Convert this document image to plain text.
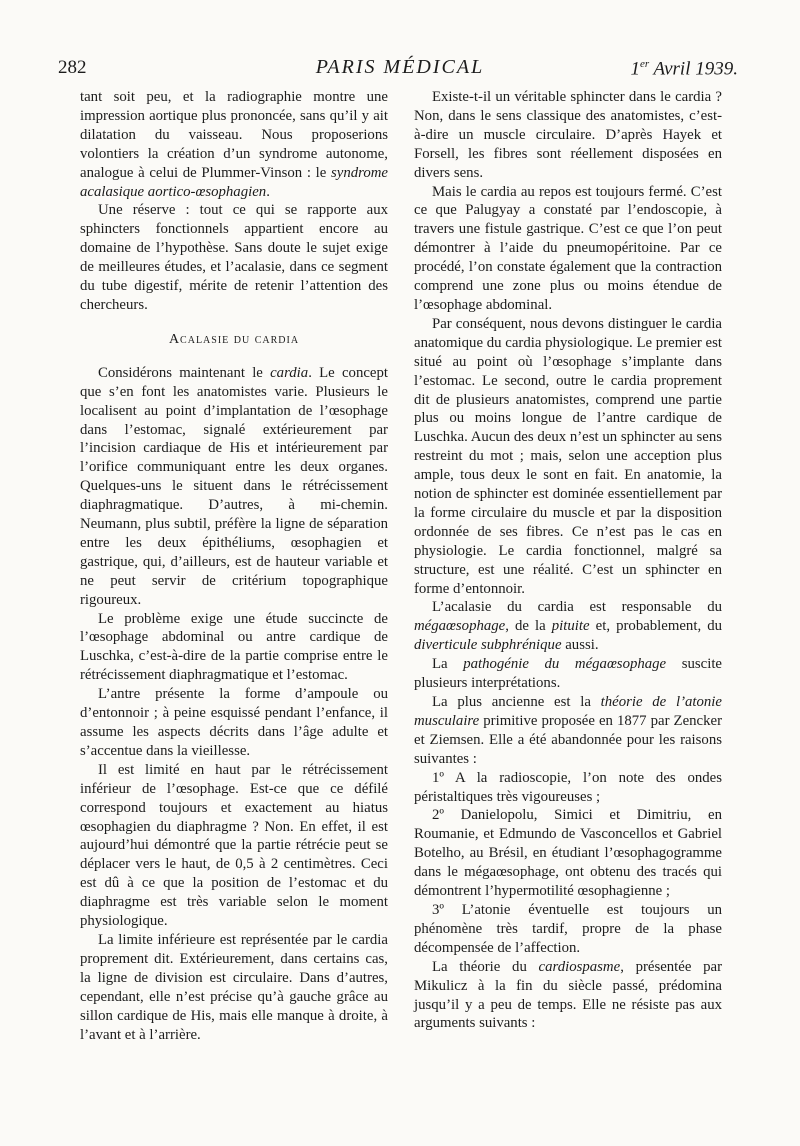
282	PARIS MÉDICAL	1er Avril 1939.

tant soit peu, et la radiographie montre une impression aortique plus prononcée, sans qu’il y ait dilatation du vaisseau. Nous proposerions volontiers la création d’un syndrome autonome, analogue à celui de Plummer-Vinson : le syndrome acalasique aortico-œsophagien.

Une réserve : tout ce qui se rapporte aux sphincters fonctionnels appartient encore au domaine de l’hypothèse. Sans doute le sujet exige de meilleures études, et l’acalasie, dans ce segment du tube digestif, mérite de retenir l’attention des chercheurs.

Acalasie du cardia

Considérons maintenant le cardia. Le concept que s’en font les anatomistes varie. Plusieurs le localisent au point d’implantation de l’œsophage dans l’estomac, signalé extérieurement par l’incision cardiaque de His et intérieurement par l’orifice communiquant entre les deux organes. Quelques-uns le situent dans le rétrécissement diaphragmatique. D’autres, à mi-chemin. Neumann, plus subtil, préfère la ligne de séparation entre les deux épithéliums, œsophagien et gastrique, qui, d’ailleurs, est de hauteur variable et ne peut servir de critérium topographique rigoureux.

Le problème exige une étude succincte de l’œsophage abdominal ou antre cardique de Luschka, c’est-à-dire de la partie comprise entre le rétrécissement diaphragmatique et l’estomac.

L’antre présente la forme d’ampoule ou d’entonnoir ; à peine esquissé pendant l’enfance, il assume les aspects décrits dans l’âge adulte et s’accentue dans la vieillesse.

Il est limité en haut par le rétrécissement inférieur de l’œsophage. Est-ce que ce défilé correspond toujours et exactement au hiatus œsophagien du diaphragme ? Non. En effet, il est aujourd’hui démontré que la partie rétrécie peut se déplacer vers le haut, de 0,5 à 2 centimètres. Ceci est dû à ce que la position de l’estomac et du diaphragme est très variable selon le moment physiologique.

La limite inférieure est représentée par le cardia proprement dit. Extérieurement, dans certains cas, la ligne de division est circulaire. Dans d’autres, cependant, elle n’est précise qu’à gauche grâce au sillon cardique de His, mais elle manque à droite, à l’avant et à l’arrière.

Existe-t-il un véritable sphincter dans le cardia ? Non, dans le sens classique des anatomistes, c’est-à-dire un muscle circulaire. D’après Hayek et Forsell, les fibres sont réellement disposées en divers sens.

Mais le cardia au repos est toujours fermé. C’est ce que Palugyay a constaté par l’endoscopie, à travers une fistule gastrique. C’est ce que l’on peut démontrer à l’aide du pneumopéritoine. Par ce procédé, l’on constate également que la contraction comprend une zone plus ou moins étendue de l’œsophage abdominal.

Par conséquent, nous devons distinguer le cardia anatomique du cardia physiologique. Le premier est situé au point où l’œsophage s’implante dans l’estomac. Le second, outre le cardia proprement dit de plusieurs anatomistes, comprend une partie plus ou moins longue de l’antre cardique de Luschka. Aucun des deux n’est un sphincter au sens restreint du mot ; mais, selon une acception plus ample, tous deux le sont en fait. En anatomie, la notion de sphincter est dominée essentiellement par la forme circulaire du muscle et par la disposition ordonnée de ses fibres. Ce n’est pas le cas en physiologie. Le cardia fonctionnel, malgré sa structure, est une réalité. C’est un sphincter en forme d’entonnoir.

L’acalasie du cardia est responsable du mégaœsophage, de la pituite et, probablement, du diverticule subphrénique aussi.

La pathogénie du mégaœsophage suscite plusieurs interprétations.

La plus ancienne est la théorie de l’atonie musculaire primitive proposée en 1877 par Zencker et Ziemsen. Elle a été abandonnée pour les raisons suivantes :

1º A la radioscopie, l’on note des ondes péristaltiques très vigoureuses ;

2º Danielopolu, Simici et Dimitriu, en Roumanie, et Edmundo de Vasconcellos et Gabriel Botelho, au Brésil, en étudiant l’œsophagogramme dans le mégaœsophage, ont obtenu des tracés qui démontrent l’hypermotilité œsophagienne ;

3º L’atonie éventuelle est toujours un phénomène très tardif, propre de la phase décompensée de l’affection.

La théorie du cardiospasme, présentée par Mikulicz à la fin du siècle passé, prédomina jusqu’il y a peu de temps. Elle ne résiste pas aux arguments suivants :
